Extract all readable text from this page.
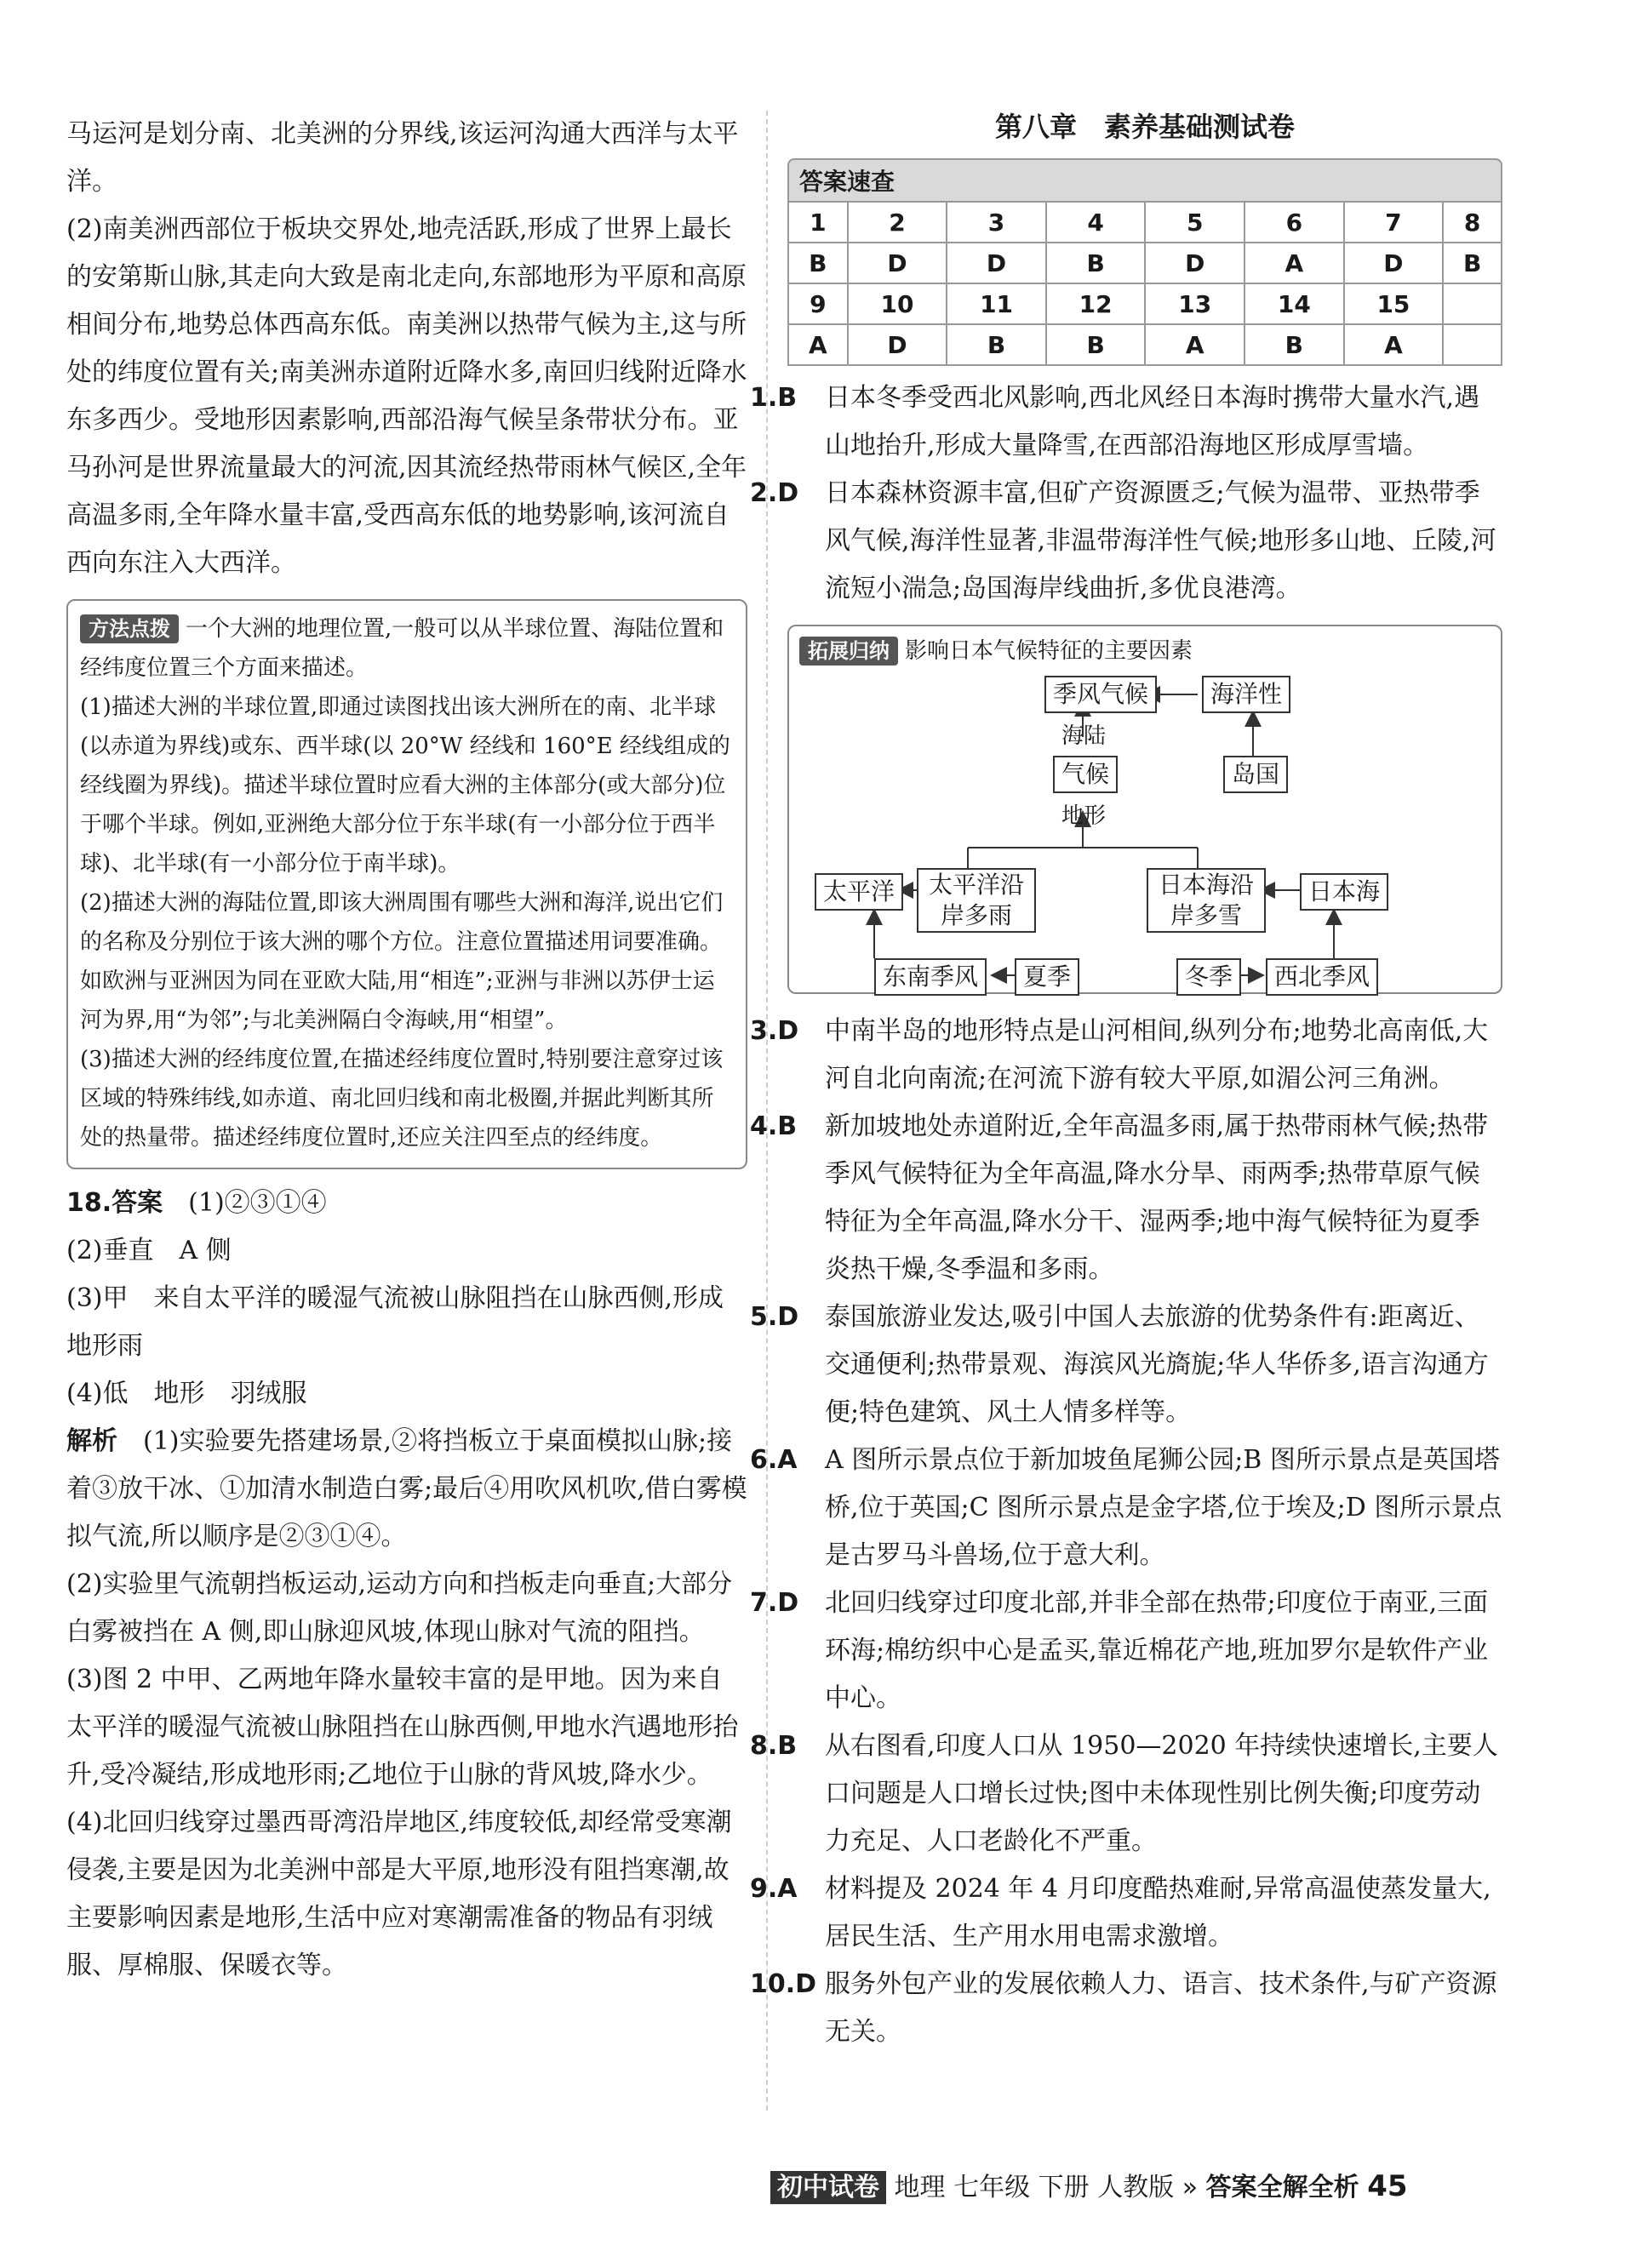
马运河是划分南、北美洲的分界线,该运河沟通大西洋与太平洋。

(2)南美洲西部位于板块交界处,地壳活跃,形成了世界上最长的安第斯山脉,其走向大致是南北走向,东部地形为平原和高原相间分布,地势总体西高东低。南美洲以热带气候为主,这与所处的纬度位置有关;南美洲赤道附近降水多,南回归线附近降水东多西少。受地形因素影响,西部沿海气候呈条带状分布。亚马孙河是世界流量最大的河流,因其流经热带雨林气候区,全年高温多雨,全年降水量丰富,受西高东低的地势影响,该河流自西向东注入大西洋。

方法点拨 一个大洲的地理位置,一般可以从半球位置、海陆位置和经纬度位置三个方面来描述。
(1)描述大洲的半球位置,即通过读图找出该大洲所在的南、北半球(以赤道为界线)或东、西半球(以 20°W 经线和 160°E 经线组成的经线圈为界线)。描述半球位置时应看大洲的主体部分(或大部分)位于哪个半球。例如,亚洲绝大部分位于东半球(有一小部分位于西半球)、北半球(有一小部分位于南半球)。
(2)描述大洲的海陆位置,即该大洲周围有哪些大洲和海洋,说出它们的名称及分别位于该大洲的哪个方位。注意位置描述用词要准确。如欧洲与亚洲因为同在亚欧大陆,用“相连”;亚洲与非洲以苏伊士运河为界,用“为邻”;与北美洲隔白令海峡,用“相望”。
(3)描述大洲的经纬度位置,在描述经纬度位置时,特别要注意穿过该区域的特殊纬线,如赤道、南北回归线和南北极圈,并据此判断其所处的热量带。描述经纬度位置时,还应关注四至点的经纬度。

18.答案　 (1)②③①④

(2)垂直　A 侧

(3)甲　来自太平洋的暖湿气流被山脉阻挡在山脉西侧,形成地形雨

(4)低　地形　羽绒服

解析　 (1)实验要先搭建场景,②将挡板立于桌面模拟山脉;接着③放干冰、①加清水制造白雾;最后④用吹风机吹,借白雾模拟气流,所以顺序是②③①④。

(2)实验里气流朝挡板运动,运动方向和挡板走向垂直;大部分白雾被挡在 A 侧,即山脉迎风坡,体现山脉对气流的阻挡。

(3)图 2 中甲、乙两地年降水量较丰富的是甲地。因为来自太平洋的暖湿气流被山脉阻挡在山脉西侧,甲地水汽遇地形抬升,受冷凝结,形成地形雨;乙地位于山脉的背风坡,降水少。

(4)北回归线穿过墨西哥湾沿岸地区,纬度较低,却经常受寒潮侵袭,主要是因为北美洲中部是大平原,地形没有阻挡寒潮,故主要影响因素是地形,生活中应对寒潮需准备的物品有羽绒服、厚棉服、保暖衣等。

第八章　素养基础测试卷
答案速查
1	2	3	4	5	6	7	8
B	D	D	B	D	A	D	B
9	10	11	12	13	14	15	
A	D	B	B	A	B	A	

1.B 日本冬季受西北风影响,西北风经日本海时携带大量水汽,遇山地抬升,形成大量降雪,在西部沿海地区形成厚雪墙。

2.D 日本森林资源丰富,但矿产资源匮乏;气候为温带、亚热带季风气候,海洋性显著,非温带海洋性气候;地形多山地、丘陵,河流短小湍急;岛国海岸线曲折,多优良港湾。

拓展归纳 影响日本气候特征的主要因素
季风气候	海洋性
海陆
气候	岛国
地形
太平洋	太平洋沿岸多雨
日本海沿岸多雪
日本海
东南季风	夏季	冬季	西北季风

3.D 中南半岛的地形特点是山河相间,纵列分布;地势北高南低,大河自北向南流;在河流下游有较大平原,如湄公河三角洲。

4.B 新加坡地处赤道附近,全年高温多雨,属于热带雨林气候;热带季风气候特征为全年高温,降水分旱、雨两季;热带草原气候特征为全年高温,降水分干、湿两季;地中海气候特征为夏季炎热干燥,冬季温和多雨。

5.D 泰国旅游业发达,吸引中国人去旅游的优势条件有:距离近、交通便利;热带景观、海滨风光旖旎;华人华侨多,语言沟通方便;特色建筑、风土人情多样等。

6.A A 图所示景点位于新加坡鱼尾狮公园;B 图所示景点是英国塔桥,位于英国;C 图所示景点是金字塔,位于埃及;D 图所示景点是古罗马斗兽场,位于意大利。

7.D 北回归线穿过印度北部,并非全部在热带;印度位于南亚,三面环海;棉纺织中心是孟买,靠近棉花产地,班加罗尔是软件产业中心。

8.B 从右图看,印度人口从 1950—2020 年持续快速增长,主要人口问题是人口增长过快;图中未体现性别比例失衡;印度劳动力充足、人口老龄化不严重。

9.A 材料提及 2024 年 4 月印度酷热难耐,异常高温使蒸发量大,居民生活、生产用水用电需求激增。

10.D 服务外包产业的发展依赖人力、语言、技术条件,与矿产资源无关。

初中试卷 地理 七年级 下册 人教版 » 答案全解全析 45
